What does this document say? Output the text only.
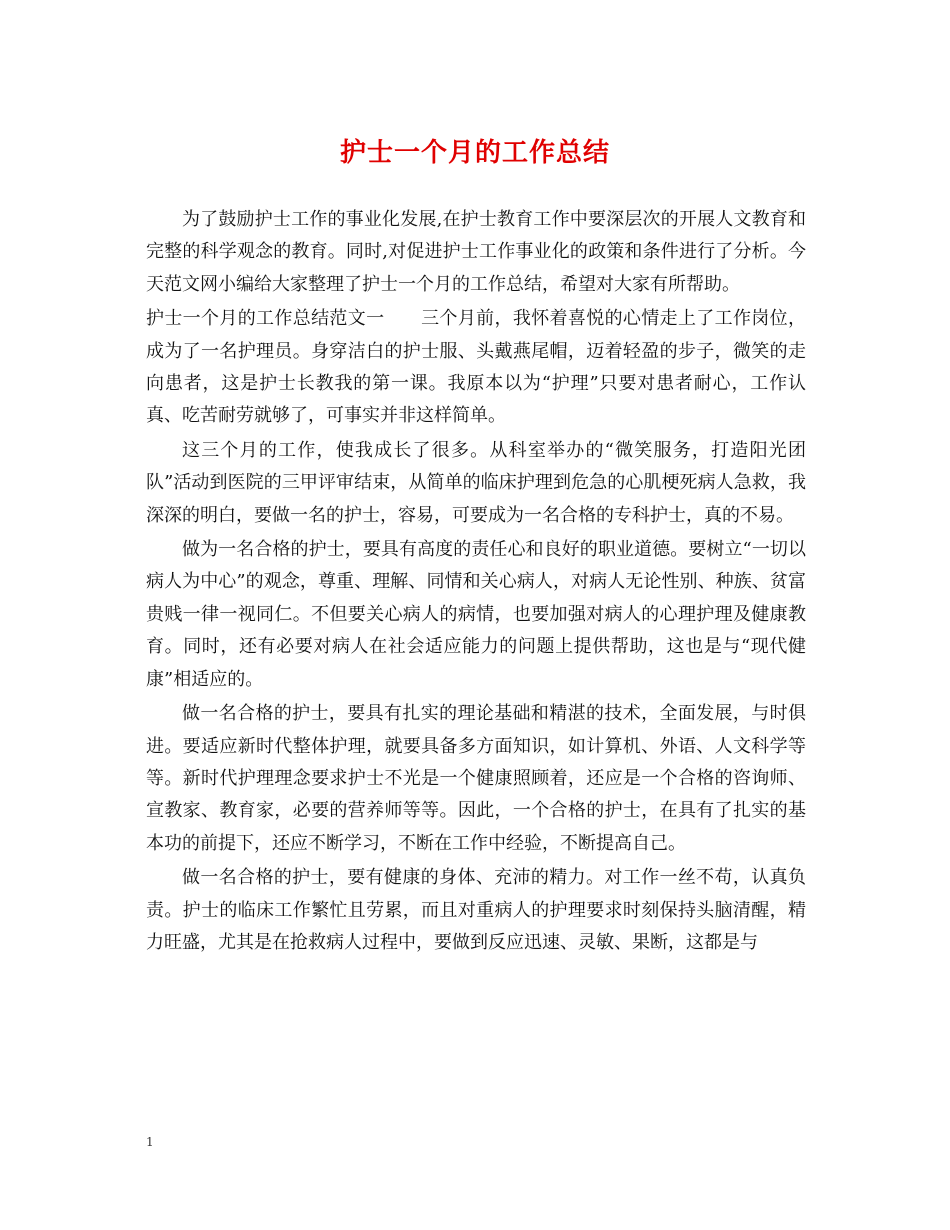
护士一个月的工作总结

为了鼓励护士工作的事业化发展,在护士教育工作中要深层次的开展人文教育和完整的科学观念的教育。同时,对促进护士工作事业化的政策和条件进行了分析。今天范文网小编给大家整理了护士一个月的工作总结，希望对大家有所帮助。

护士一个月的工作总结范文一　　三个月前，我怀着喜悦的心情走上了工作岗位，成为了一名护理员。身穿洁白的护士服、头戴燕尾帽，迈着轻盈的步子，微笑的走向患者，这是护士长教我的第一课。我原本以为“护理”只要对患者耐心，工作认真、吃苦耐劳就够了，可事实并非这样简单。

这三个月的工作，使我成长了很多。从科室举办的“微笑服务，打造阳光团队”活动到医院的三甲评审结束，从简单的临床护理到危急的心肌梗死病人急救，我深深的明白，要做一名的护士，容易，可要成为一名合格的专科护士，真的不易。

做为一名合格的护士，要具有高度的责任心和良好的职业道德。要树立“一切以病人为中心”的观念，尊重、理解、同情和关心病人，对病人无论性别、种族、贫富贵贱一律一视同仁。不但要关心病人的病情，也要加强对病人的心理护理及健康教育。同时，还有必要对病人在社会适应能力的问题上提供帮助，这也是与“现代健康”相适应的。

做一名合格的护士，要具有扎实的理论基础和精湛的技术，全面发展，与时俱进。要适应新时代整体护理，就要具备多方面知识，如计算机、外语、人文科学等等。新时代护理理念要求护士不光是一个健康照顾着，还应是一个合格的咨询师、宣教家、教育家，必要的营养师等等。因此，一个合格的护士，在具有了扎实的基本功的前提下，还应不断学习，不断在工作中经验，不断提高自己。

做一名合格的护士，要有健康的身体、充沛的精力。对工作一丝不苟，认真负责。护士的临床工作繁忙且劳累，而且对重病人的护理要求时刻保持头脑清醒，精力旺盛，尤其是在抢救病人过程中，要做到反应迅速、灵敏、果断，这都是与

1
